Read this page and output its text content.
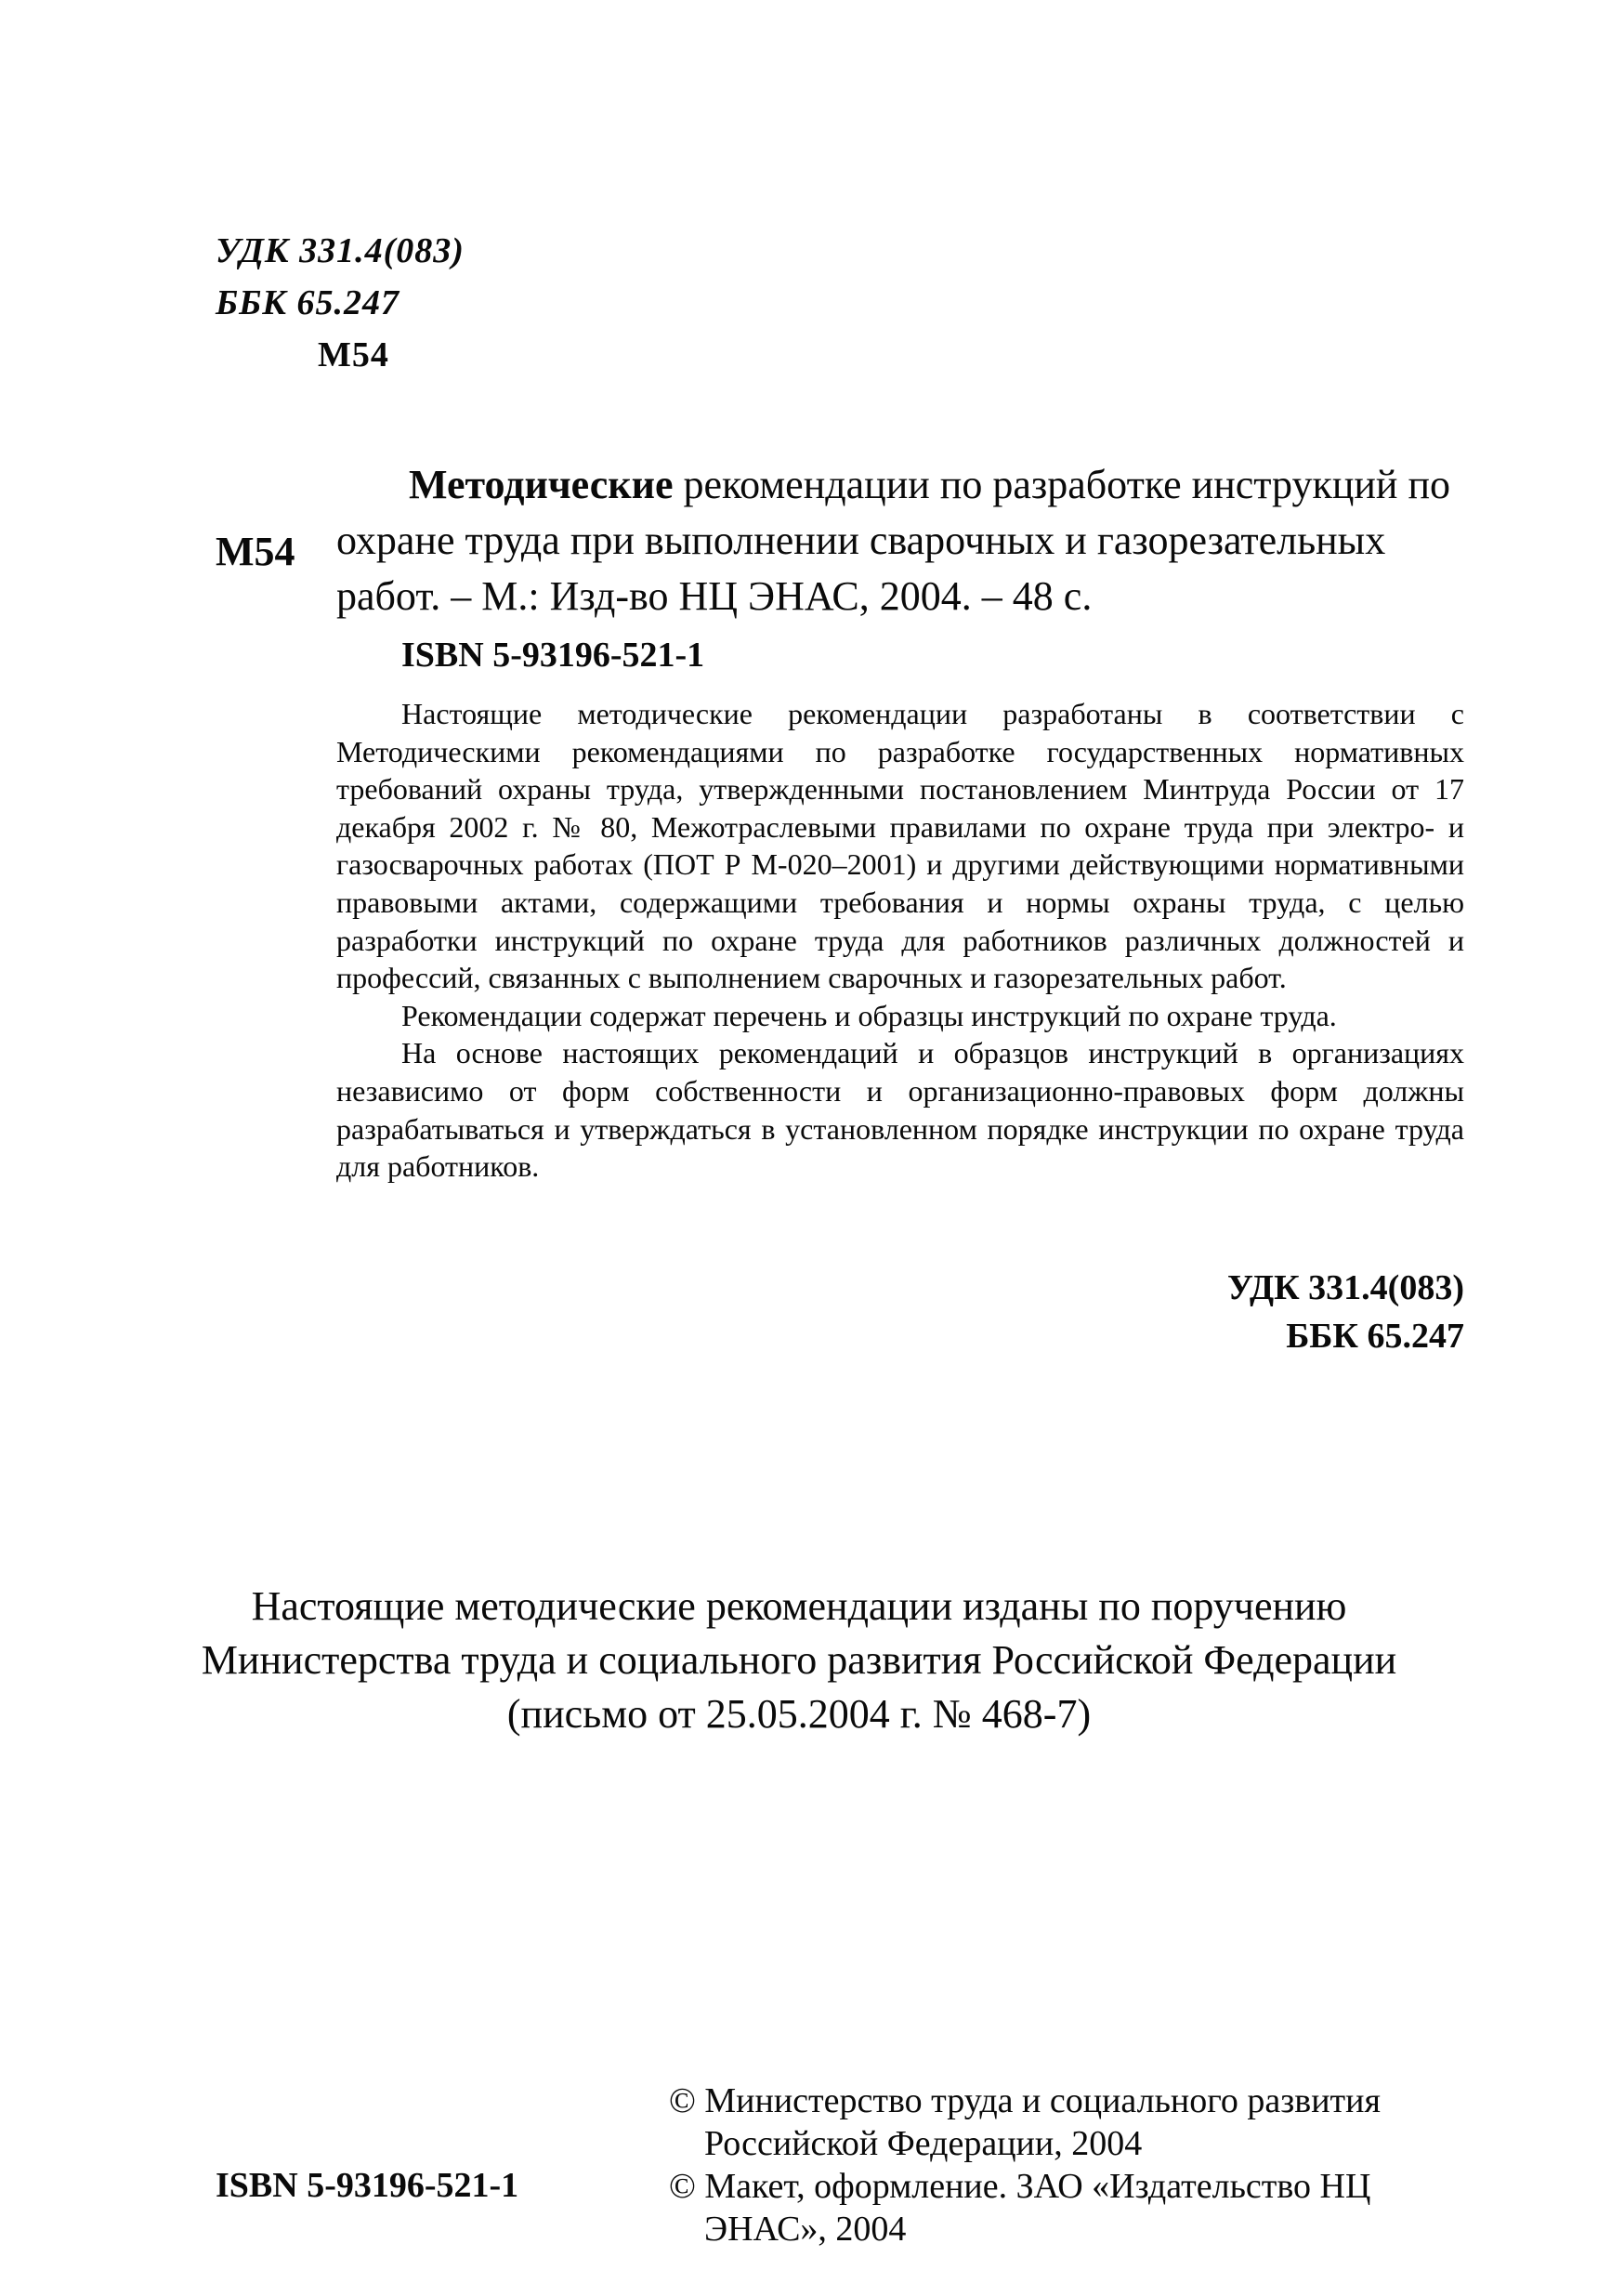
УДК 331.4(083)
ББК 65.247
М54
М54
Методические рекомендации по разработке инструкций по
охране труда при выполнении сварочных и газорезательных
работ. – М.: Изд-во НЦ ЭНАС, 2004. – 48 с.
ISBN 5-93196-521-1

Настоящие методические рекомендации разработаны в соответствии с Методическими рекомендациями по разработке государственных нормативных требований охраны труда, утвержденными постановлением Минтруда России от 17 декабря 2002 г. № 80, Межотраслевыми правилами по охране труда при электро- и газосварочных работах (ПОТ Р М-020–2001) и другими действующими нормативными правовыми актами, содержащими требования и нормы охраны труда, с целью разработки инструкций по охране труда для работников различных должностей и профессий, связанных с выполнением сварочных и газорезательных работ.

Рекомендации содержат перечень и образцы инструкций по охране труда.

На основе настоящих рекомендаций и образцов инструкций в организациях независимо от форм собственности и организационно-правовых форм должны разрабатываться и утверждаться в установленном порядке инструкции по охране труда для работников.

УДК 331.4(083)
ББК 65.247
Настоящие методические рекомендации изданы по поручению
Министерства труда и социального развития Российской Федерации
(письмо от 25.05.2004 г. № 468-7)
© Министерство труда и социального развития Российской Федерации, 2004
© Макет, оформление. ЗАО «Издательство НЦ ЭНАС», 2004
ISBN 5-93196-521-1
